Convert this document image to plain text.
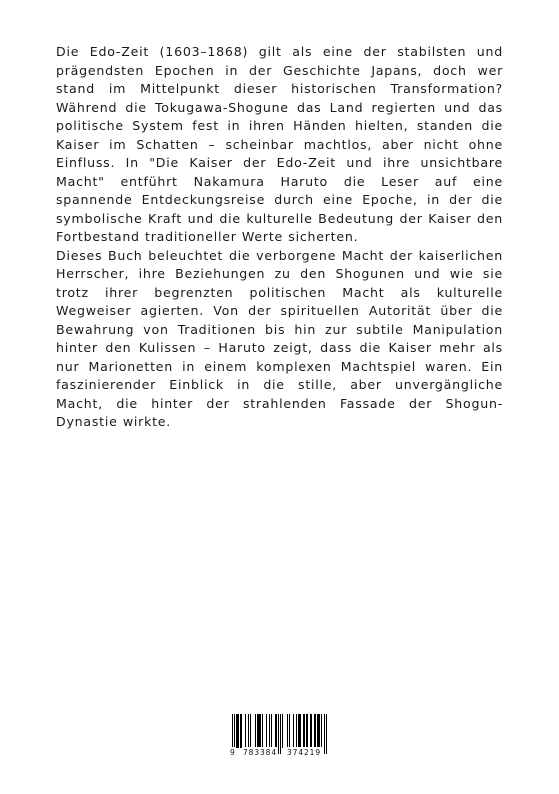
Die Edo-Zeit (1603–1868) gilt als eine der stabilsten und prägendsten Epochen in der Geschichte Japans, doch wer stand im Mittelpunkt dieser historischen Transformation? Während die Tokugawa-Shogune das Land regierten und das politische System fest in ihren Händen hielten, standen die Kaiser im Schatten – scheinbar machtlos, aber nicht ohne Einfluss. In "Die Kaiser der Edo-Zeit und ihre unsichtbare Macht" entführt Nakamura Haruto die Leser auf eine spannende Entdeckungsreise durch eine Epoche, in der die symbolische Kraft und die kulturelle Bedeutung der Kaiser den Fortbestand traditioneller Werte sicherten.

Dieses Buch beleuchtet die verborgene Macht der kaiserlichen Herrscher, ihre Beziehungen zu den Shogunen und wie sie trotz ihrer begrenzten politischen Macht als kulturelle Wegweiser agierten. Von der spirituellen Autorität über die Bewahrung von Traditionen bis hin zur subtile Manipulation hinter den Kulissen – Haruto zeigt, dass die Kaiser mehr als nur Marionetten in einem komplexen Machtspiel waren. Ein faszinierender Einblick in die stille, aber unvergängliche Macht, die hinter der strahlenden Fassade der Shogun-Dynastie wirkte.

9 783384 374219
